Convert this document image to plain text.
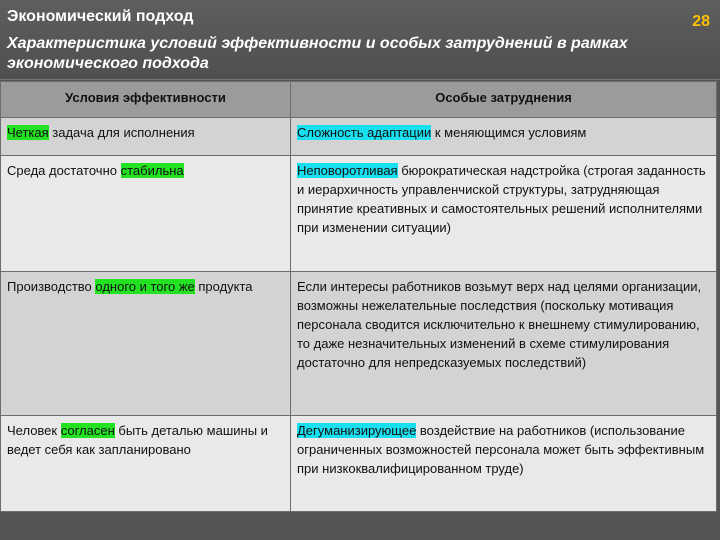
Экономический подход	28
Характеристика условий эффективности и особых затруднений в рамках
экономического подхода
Условия эффективности	Особые затруднения
Четкая задача для исполнения	Сложность адаптации к меняющимся условиям
Среда достаточно стабильна	Неповоротливая бюрократическая надстройка (строгая заданность и иерархичность управленчиской структуры, затрудняющая принятие креативных и самостоятельных решений исполнителями при изменении ситуации)
Производство одного и того же продукта	Если интересы работников возьмут верх над целями организации, возможны нежелательные последствия (поскольку мотивация персонала сводится исключительно к внешнему стимулированию, то даже незначительных изменений в схеме стимулирования достаточно для непредсказуемых последствий)
Человек согласен быть деталью машины и ведет себя как запланировано	Дегуманизирующее воздействие на работников (использование ограниченных возможностей персонала может быть эффективным при низкоквалифицированном труде)
